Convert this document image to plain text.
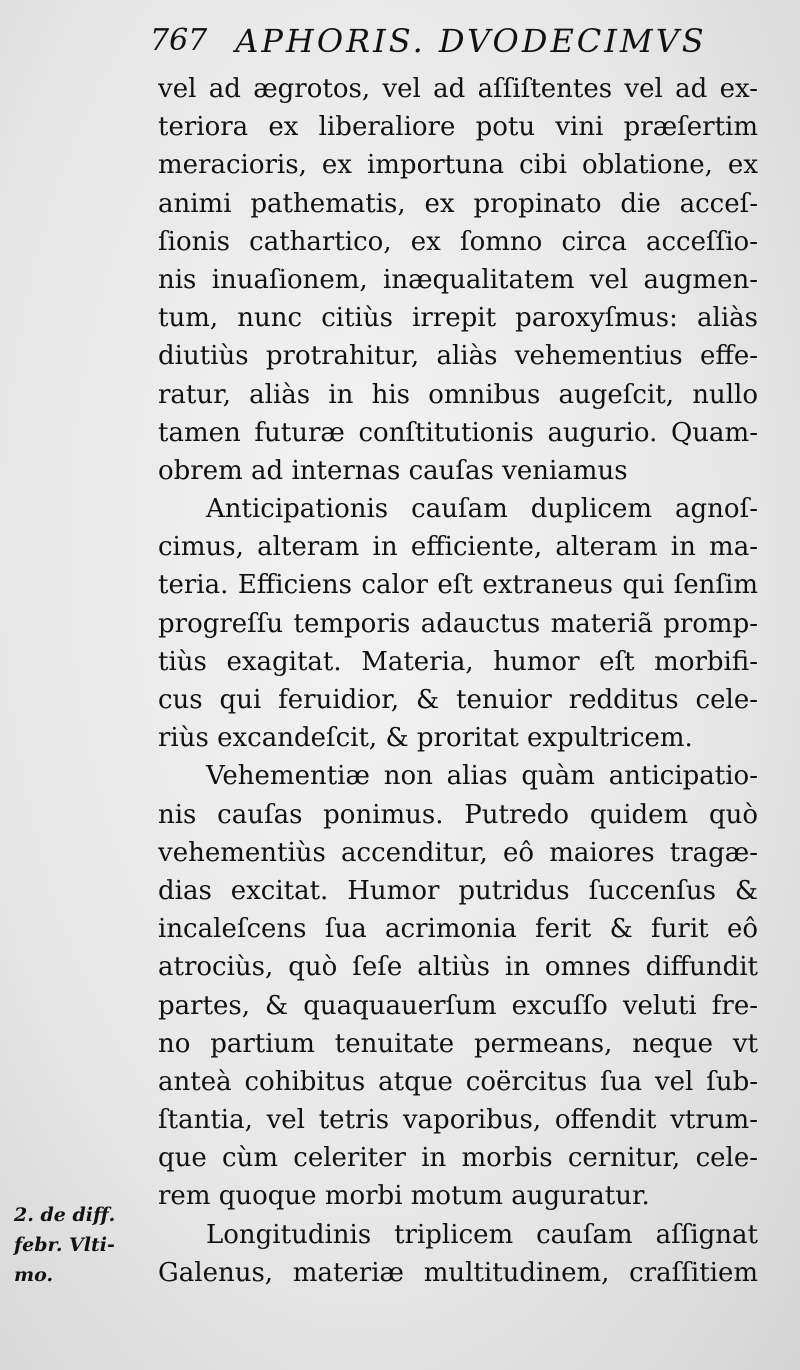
767 APHORIS. DVODECIMVS
vel ad ægrotos, vel ad aſſiſtentes vel ad ex-
teriora ex liberaliore potu vini præſertim
meracioris, ex importuna cibi oblatione, ex
animi pathematis, ex propinato die acceſ-
ſionis cathartico, ex ſomno circa acceſſio-
nis inuaſionem, inæqualitatem vel augmen-
tum, nunc citiùs irrepit paroxyſmus: aliàs
diutiùs protrahitur, aliàs vehementius effe-
ratur, aliàs in his omnibus augeſcit, nullo
tamen futuræ conſtitutionis augurio. Quam-
obrem ad internas cauſas veniamus
Anticipationis cauſam duplicem agnoſ-
cimus, alteram in efficiente, alteram in ma-
teria. Efficiens calor eſt extraneus qui ſenſim
progreſſu temporis adauctus materiã promp-
tiùs exagitat. Materia, humor eſt morbifi-
cus qui feruidior, & tenuior redditus cele-
riùs excandeſcit, & proritat expultricem.
Vehementiæ non alias quàm anticipatio-
nis cauſas ponimus. Putredo quidem quò
vehementiùs accenditur, eô maiores tragæ-
dias excitat. Humor putridus ſuccenſus &
incaleſcens ſua acrimonia ferit & furit eô
atrociùs, quò ſeſe altiùs in omnes diffundit
partes, & quaquauerſum excuſſo veluti fre-
no partium tenuitate permeans, neque vt
anteà cohibitus atque coërcitus ſua vel ſub-
ſtantia, vel tetris vaporibus, offendit vtrum-
que cùm celeriter in morbis cernitur, cele-
rem quoque morbi motum auguratur.
Longitudinis triplicem cauſam aſſignat
Galenus, materiæ multitudinem, craſſitiem
2. de diff.
febr. Vlti-
mo.
